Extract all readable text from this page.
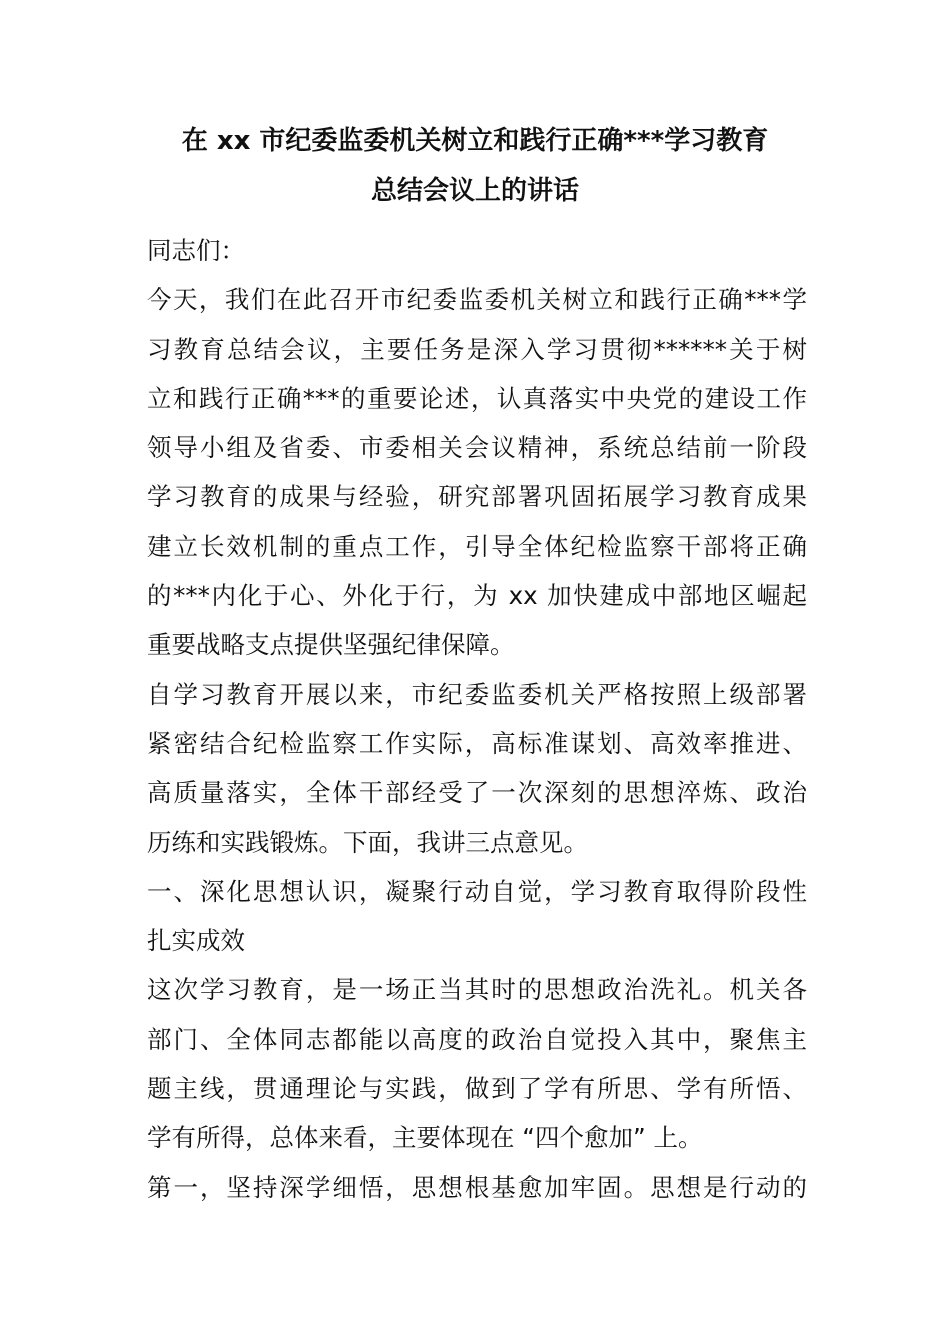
在 xx 市纪委监委机关树立和践行正确***学习教育
总结会议上的讲话
同志们：
今天，我们在此召开市纪委监委机关树立和践行正确***学
习教育总结会议，主要任务是深入学习贯彻******关于树
立和践行正确***的重要论述，认真落实中央党的建设工作
领导小组及省委、市委相关会议精神，系统总结前一阶段
学习教育的成果与经验，研究部署巩固拓展学习教育成果
建立长效机制的重点工作，引导全体纪检监察干部将正确
的***内化于心、外化于行，为 xx 加快建成中部地区崛起
重要战略支点提供坚强纪律保障。
自学习教育开展以来，市纪委监委机关严格按照上级部署
紧密结合纪检监察工作实际，高标准谋划、高效率推进、
高质量落实，全体干部经受了一次深刻的思想淬炼、政治
历练和实践锻炼。下面，我讲三点意见。
一、深化思想认识，凝聚行动自觉，学习教育取得阶段性
扎实成效
这次学习教育，是一场正当其时的思想政治洗礼。机关各
部门、全体同志都能以高度的政治自觉投入其中，聚焦主
题主线，贯通理论与实践，做到了学有所思、学有所悟、
学有所得，总体来看，主要体现在 “四个愈加” 上。
第一，坚持深学细悟，思想根基愈加牢固。思想是行动的
